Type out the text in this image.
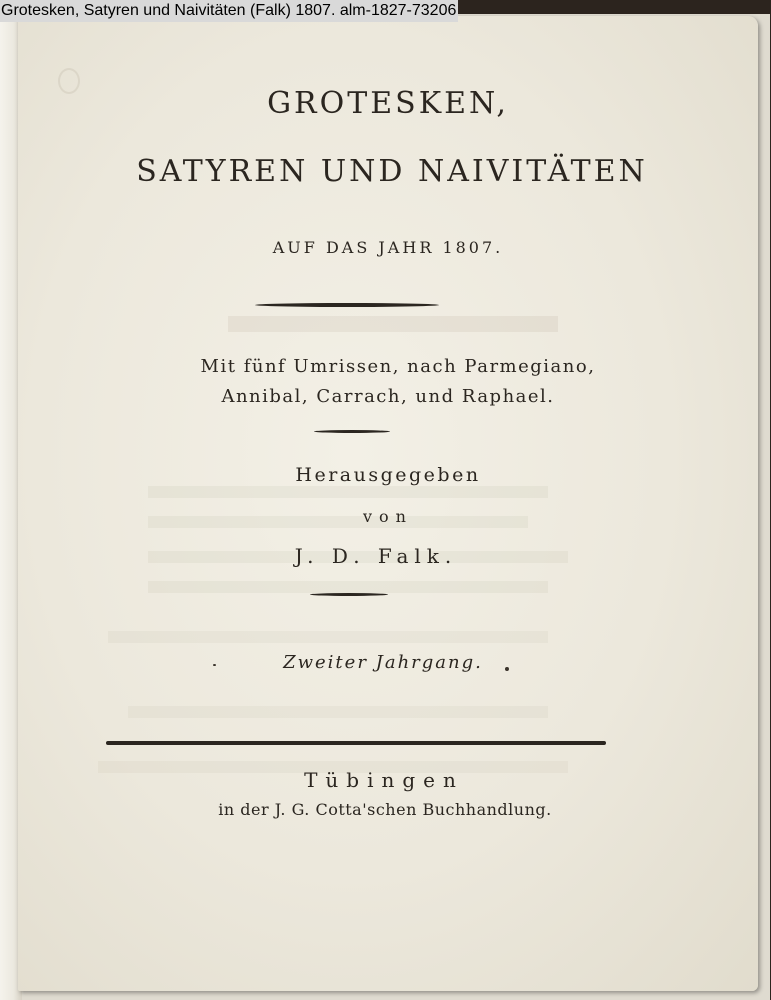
GROTESKEN,
SATYREN UND NAIVITÄTEN
AUF DAS JAHR 1807.
Mit fünf Umrissen, nach Parmegiano,
Annibal, Carrach, und Raphael.
Herausgegeben
von
J. D. Falk.
Zweiter Jahrgang.
Tübingen
in der J. G. Cotta'schen Buchhandlung.
Grotesken, Satyren und Naivitäten (Falk) 1807. alm-1827-73206
